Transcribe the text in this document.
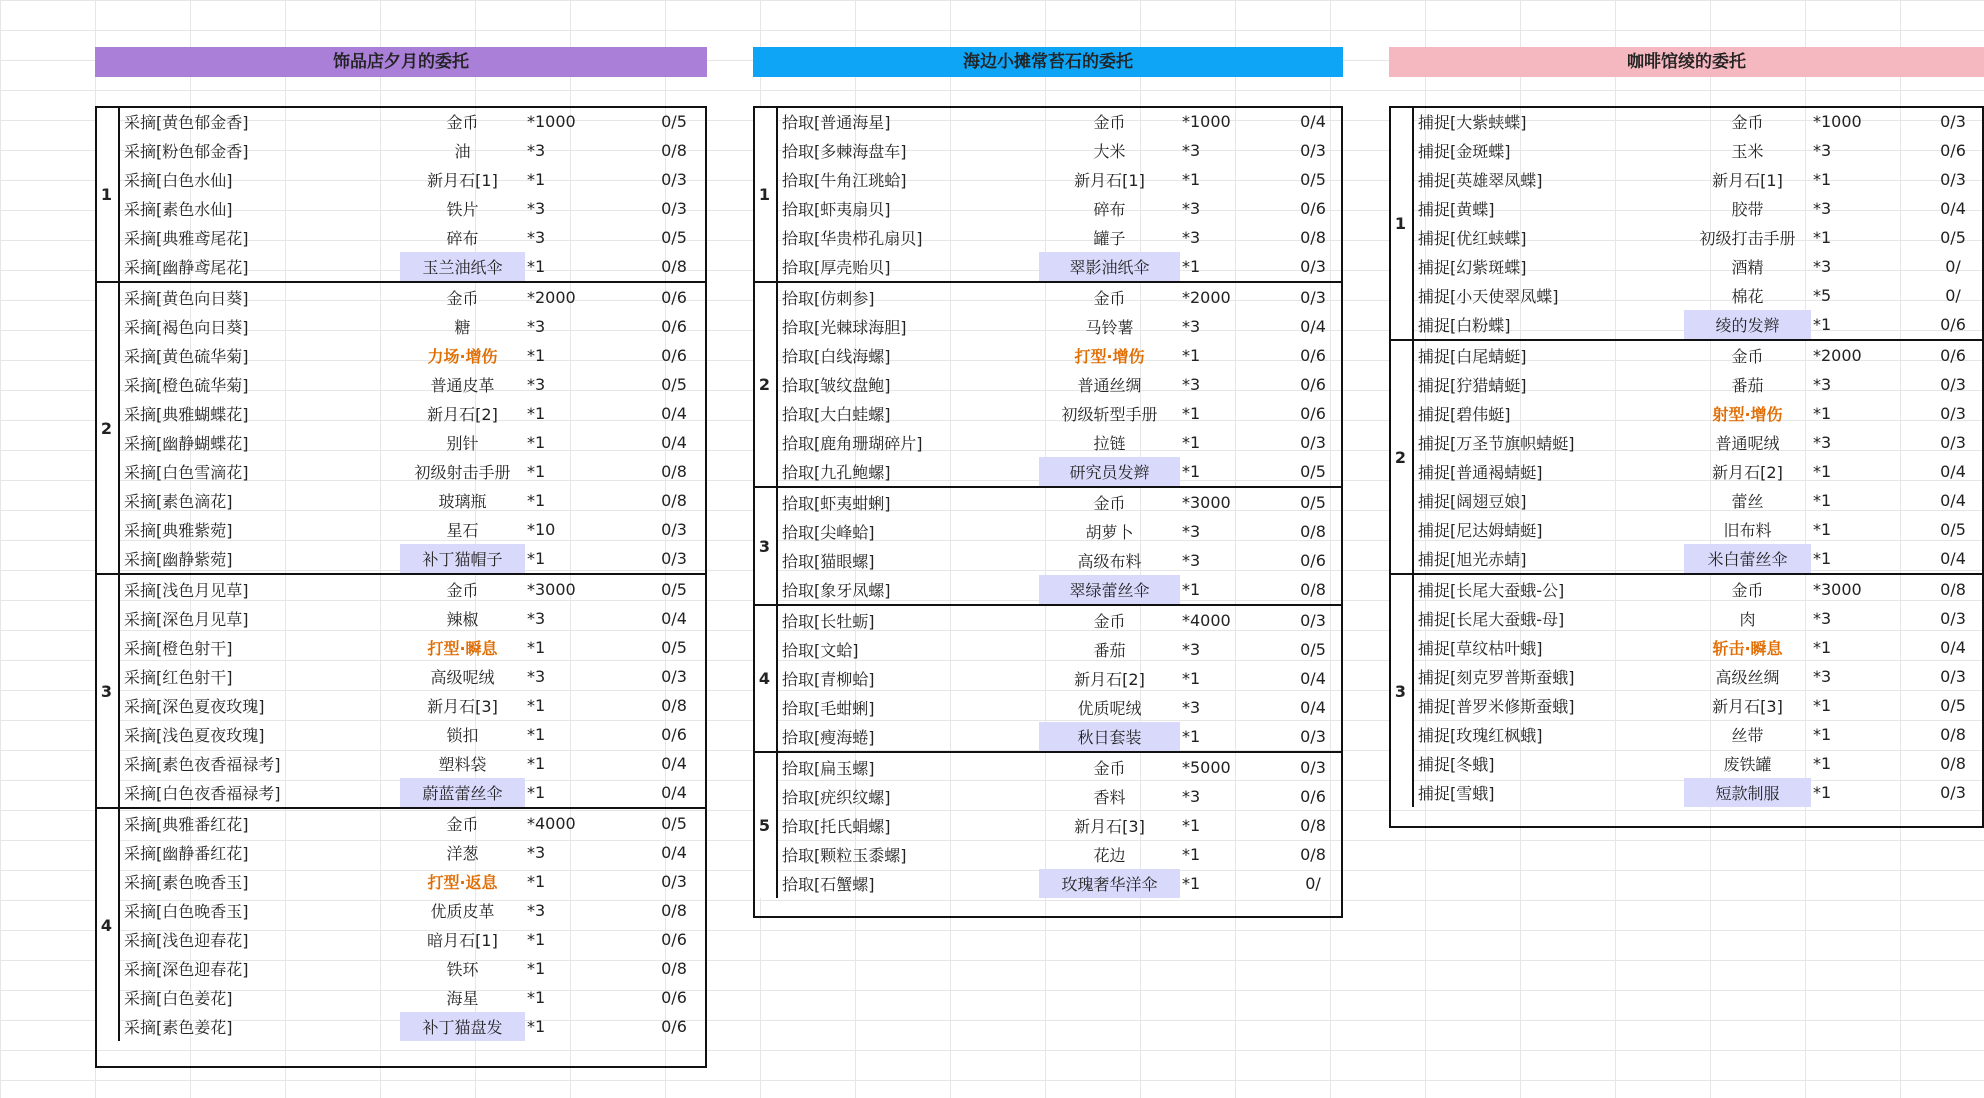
饰品店夕月的委托
1	采摘[黄色郁金香]	金币	*1000	0/5
	采摘[粉色郁金香]	油	*3	0/8
	采摘[白色水仙]	新月石[1]	*1	0/3
	采摘[素色水仙]	铁片	*3	0/3
	采摘[典雅鸢尾花]	碎布	*3	0/5
	采摘[幽静鸢尾花]	玉兰油纸伞	*1	0/8
2	采摘[黄色向日葵]	金币	*2000	0/6
	采摘[褐色向日葵]	糖	*3	0/6
	采摘[黄色硫华菊]	力场·增伤	*1	0/6
	采摘[橙色硫华菊]	普通皮革	*3	0/5
	采摘[典雅蝴蝶花]	新月石[2]	*1	0/4
	采摘[幽静蝴蝶花]	别针	*1	0/4
	采摘[白色雪滴花]	初级射击手册	*1	0/8
	采摘[素色滴花]	玻璃瓶	*1	0/8
	采摘[典雅紫菀]	星石	*10	0/3
	采摘[幽静紫菀]	补丁猫帽子	*1	0/3
3	采摘[浅色月见草]	金币	*3000	0/5
	采摘[深色月见草]	辣椒	*3	0/4
	采摘[橙色射干]	打型·瞬息	*1	0/5
	采摘[红色射干]	高级呢绒	*3	0/3
	采摘[深色夏夜玫瑰]	新月石[3]	*1	0/8
	采摘[浅色夏夜玫瑰]	锁扣	*1	0/6
	采摘[素色夜香福禄考]	塑料袋	*1	0/4
	采摘[白色夜香福禄考]	蔚蓝蕾丝伞	*1	0/4
4	采摘[典雅番红花]	金币	*4000	0/5
	采摘[幽静番红花]	洋葱	*3	0/4
	采摘[素色晚香玉]	打型·返息	*1	0/3
	采摘[白色晚香玉]	优质皮革	*3	0/8
	采摘[浅色迎春花]	暗月石[1]	*1	0/6
	采摘[深色迎春花]	铁环	*1	0/8
	采摘[白色姜花]	海星	*1	0/6
	采摘[素色姜花]	补丁猫盘发	*1	0/6
海边小摊常苔石的委托
1	拾取[普通海星]	金币	*1000	0/4
	拾取[多棘海盘车]	大米	*3	0/3
	拾取[牛角江珧蛤]	新月石[1]	*1	0/5
	拾取[虾夷扇贝]	碎布	*3	0/6
	拾取[华贵栉孔扇贝]	罐子	*3	0/8
	拾取[厚壳贻贝]	翠影油纸伞	*1	0/3
2	拾取[仿刺参]	金币	*2000	0/3
	拾取[光棘球海胆]	马铃薯	*3	0/4
	拾取[白线海螺]	打型·增伤	*1	0/6
	拾取[皱纹盘鲍]	普通丝绸	*3	0/6
	拾取[大白蛙螺]	初级斩型手册	*1	0/6
	拾取[鹿角珊瑚碎片]	拉链	*1	0/3
	拾取[九孔鲍螺]	研究员发辫	*1	0/5
3	拾取[虾夷蚶蜊]	金币	*3000	0/5
	拾取[尖峰蛤]	胡萝卜	*3	0/8
	拾取[猫眼螺]	高级布料	*3	0/6
	拾取[象牙凤螺]	翠绿蕾丝伞	*1	0/8
4	拾取[长牡蛎]	金币	*4000	0/3
	拾取[文蛤]	番茄	*3	0/5
	拾取[青柳蛤]	新月石[2]	*1	0/4
	拾取[毛蚶蜊]	优质呢绒	*3	0/4
	拾取[瘦海蜷]	秋日套装	*1	0/3
5	拾取[扁玉螺]	金币	*5000	0/3
	拾取[疣织纹螺]	香料	*3	0/6
	拾取[托氏蜎螺]	新月石[3]	*1	0/8
	拾取[颗粒玉黍螺]	花边	*1	0/8
	拾取[石蟹螺]	玫瑰奢华洋伞	*1	0/
咖啡馆绫的委托
1	捕捉[大紫蛱蝶]	金币	*1000	0/3
	捕捉[金斑蝶]	玉米	*3	0/6
	捕捉[英雄翠凤蝶]	新月石[1]	*1	0/3
	捕捉[黄蝶]	胶带	*3	0/4
	捕捉[优红蛱蝶]	初级打击手册	*1	0/5
	捕捉[幻紫斑蝶]	酒精	*3	0/
	捕捉[小天使翠凤蝶]	棉花	*5	0/
	捕捉[白粉蝶]	绫的发辫	*1	0/6
2	捕捉[白尾蜻蜓]	金币	*2000	0/6
	捕捉[狞猎蜻蜓]	番茄	*3	0/3
	捕捉[碧伟蜓]	射型·增伤	*1	0/3
	捕捉[万圣节旗帜蜻蜓]	普通呢绒	*3	0/3
	捕捉[普通褐蜻蜓]	新月石[2]	*1	0/4
	捕捉[阔翅豆娘]	蕾丝	*1	0/4
	捕捉[尼达姆蜻蜓]	旧布料	*1	0/5
	捕捉[旭光赤蜻]	米白蕾丝伞	*1	0/4
3	捕捉[长尾大蚕蛾-公]	金币	*3000	0/8
	捕捉[长尾大蚕蛾-母]	肉	*3	0/3
	捕捉[草纹枯叶蛾]	斩击·瞬息	*1	0/4
	捕捉[刻克罗普斯蚕蛾]	高级丝绸	*3	0/3
	捕捉[普罗米修斯蚕蛾]	新月石[3]	*1	0/5
	捕捉[玫瑰红枫蛾]	丝带	*1	0/8
	捕捉[冬蛾]	废铁罐	*1	0/8
	捕捉[雪蛾]	短款制服	*1	0/3
